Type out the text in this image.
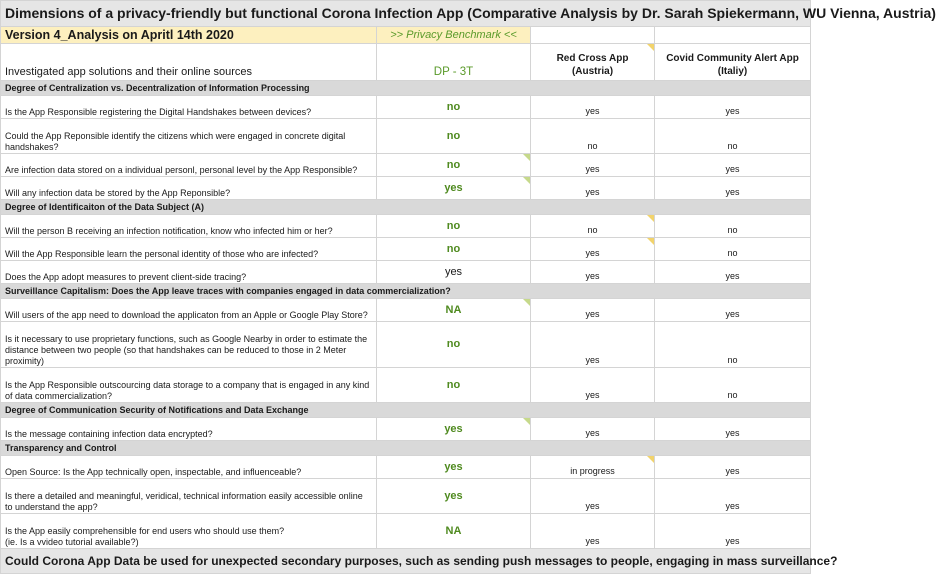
Dimensions of a privacy-friendly but functional Corona Infection App (Comparative Analysis by Dr. Sarah Spiekermann, WU Vienna, Austria)			
Version 4_Analysis on Apritl 14th 2020	>> Privacy Benchmark <<		
Investigated app solutions and their online sources	DP - 3T	Red Cross App
(Austria)	Covid Community Alert App
(Italiy)
Degree of Centralization vs. Decentralization of Information Processing			
Is the App Responsible registering the Digital Handshakes between devices?	no	yes	yes
Could the App Reponsible identify the citizens which were engaged in concrete digital
handshakes?	no	no	no
Are infection data stored on a individual personl, personal level by the App Responsible?	no	yes	yes
Will any infection data be stored by the App Reponsible?	yes	yes	yes
Degree of Identificaiton of the Data Subject (A)			
Will the person B receiving an infection notification, know who infected him or her?	no	no	no
Will the App Responsible learn the personal identity of those who are infected?	no	yes	no
Does the App adopt measures to prevent client-side tracing?	yes	yes	yes
Surveillance Capitalism: Does the App leave traces with companies engaged in data commercialization?			
Will users of the app need to download the applicaton from an Apple or Google Play Store?	NA	yes	yes
Is it necessary to use proprietary functions, such as Google Nearby in order to estimate the
distance between two people (so that handshakes can be reduced to those in 2 Meter
proximity)	no	yes	no
Is the App Responsible outscourcing data storage to a company that is engaged in any kind
of data commercialization?	no	yes	no
Degree of Communication Security of Notifications and Data Exchange			
Is the message containing infection data encrypted?	yes	yes	yes
Transparency and Control			
Open Source: Is the App technically open, inspectable, and influenceable?	yes	in progress	yes
Is there a detailed and meaningful, veridical, technical information easily accessible online
to understand the app?	yes	yes	yes
Is the App easily comprehensible for end users who should use them?
(ie. Is a vvideo tutorial available?)	NA	yes	yes
Could Corona App Data be used for unexpected secondary purposes, such as sending push messages to people, engaging in mass surveillance?			
